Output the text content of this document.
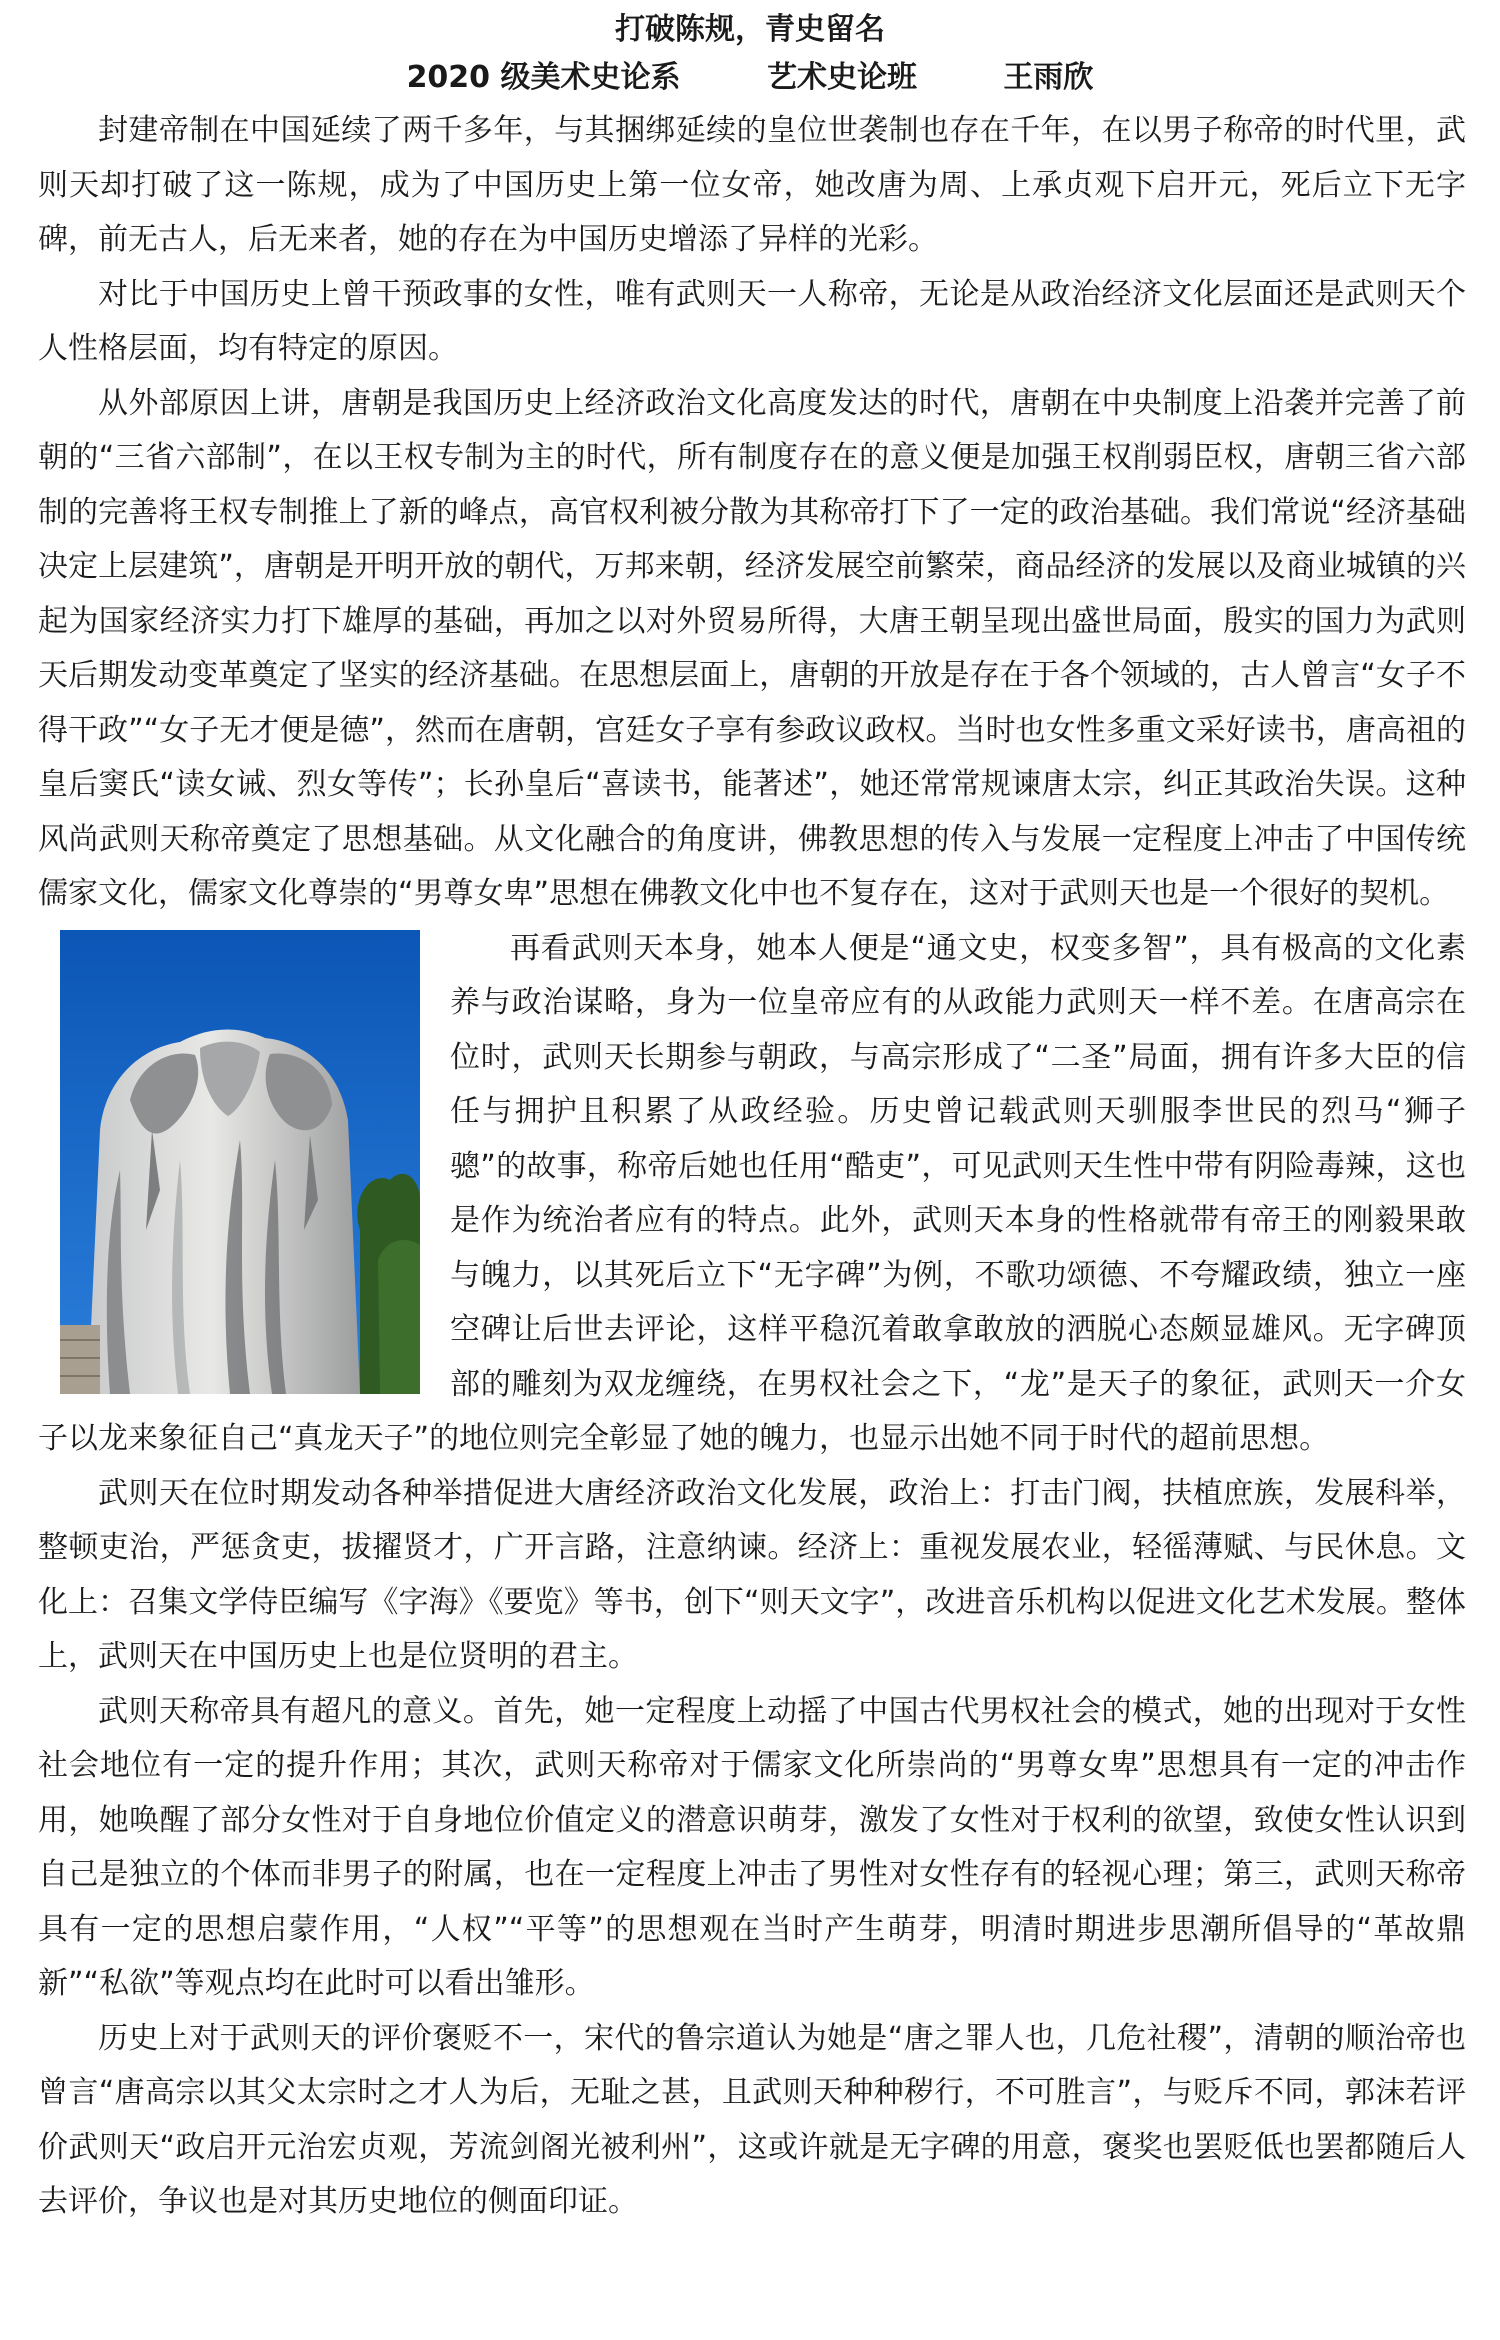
打破陈规，青史留名
2020 级美术史论系	艺术史论班	王雨欣

封建帝制在中国延续了两千多年，与其捆绑延续的皇位世袭制也存在千年，在以男子称帝的时代里，武则天却打破了这一陈规，成为了中国历史上第一位女帝，她改唐为周、上承贞观下启开元，死后立下无字碑，前无古人，后无来者，她的存在为中国历史增添了异样的光彩。

对比于中国历史上曾干预政事的女性，唯有武则天一人称帝，无论是从政治经济文化层面还是武则天个人性格层面，均有特定的原因。

从外部原因上讲，唐朝是我国历史上经济政治文化高度发达的时代，唐朝在中央制度上沿袭并完善了前朝的“三省六部制”，在以王权专制为主的时代，所有制度存在的意义便是加强王权削弱臣权，唐朝三省六部制的完善将王权专制推上了新的峰点，高官权利被分散为其称帝打下了一定的政治基础。我们常说“经济基础决定上层建筑”，唐朝是开明开放的朝代，万邦来朝，经济发展空前繁荣，商品经济的发展以及商业城镇的兴起为国家经济实力打下雄厚的基础，再加之以对外贸易所得，大唐王朝呈现出盛世局面，殷实的国力为武则天后期发动变革奠定了坚实的经济基础。在思想层面上，唐朝的开放是存在于各个领域的，古人曾言“女子不得干政”“女子无才便是德”，然而在唐朝，宫廷女子享有参政议政权。当时也女性多重文采好读书，唐高祖的皇后窦氏“读女诫、烈女等传”；长孙皇后“喜读书，能著述”，她还常常规谏唐太宗，纠正其政治失误。这种风尚武则天称帝奠定了思想基础。从文化融合的角度讲，佛教思想的传入与发展一定程度上冲击了中国传统儒家文化，儒家文化尊崇的“男尊女卑”思想在佛教文化中也不复存在，这对于武则天也是一个很好的契机。

再看武则天本身，她本人便是“通文史，权变多智”，具有极高的文化素养与政治谋略，身为一位皇帝应有的从政能力武则天一样不差。在唐高宗在位时，武则天长期参与朝政，与高宗形成了“二圣”局面，拥有许多大臣的信任与拥护且积累了从政经验。历史曾记载武则天驯服李世民的烈马“狮子骢”的故事，称帝后她也任用“酷吏”，可见武则天生性中带有阴险毒辣，这也是作为统治者应有的特点。此外，武则天本身的性格就带有帝王的刚毅果敢与魄力，以其死后立下“无字碑”为例，不歌功颂德、不夸耀政绩，独立一座空碑让后世去评论，这样平稳沉着敢拿敢放的洒脱心态颇显雄风。无字碑顶部的雕刻为双龙缠绕，在男权社会之下，“龙”是天子的象征，武则天一介女子以龙来象征自己“真龙天子”的地位则完全彰显了她的魄力，也显示出她不同于时代的超前思想。

武则天在位时期发动各种举措促进大唐经济政治文化发展，政治上：打击门阀，扶植庶族，发展科举，整顿吏治，严惩贪吏，拔擢贤才，广开言路，注意纳谏。经济上：重视发展农业，轻徭薄赋、与民休息。文化上：召集文学侍臣编写《字海》《要览》等书，创下“则天文字”，改进音乐机构以促进文化艺术发展。整体上，武则天在中国历史上也是位贤明的君主。

武则天称帝具有超凡的意义。首先，她一定程度上动摇了中国古代男权社会的模式，她的出现对于女性社会地位有一定的提升作用；其次，武则天称帝对于儒家文化所崇尚的“男尊女卑”思想具有一定的冲击作用，她唤醒了部分女性对于自身地位价值定义的潜意识萌芽，激发了女性对于权利的欲望，致使女性认识到自己是独立的个体而非男子的附属，也在一定程度上冲击了男性对女性存有的轻视心理；第三，武则天称帝具有一定的思想启蒙作用，“人权”“平等”的思想观在当时产生萌芽，明清时期进步思潮所倡导的“革故鼎新”“私欲”等观点均在此时可以看出雏形。

历史上对于武则天的评价褒贬不一，宋代的鲁宗道认为她是“唐之罪人也，几危社稷”，清朝的顺治帝也曾言“唐高宗以其父太宗时之才人为后，无耻之甚，且武则天种种秽行，不可胜言”，与贬斥不同，郭沫若评价武则天“政启开元治宏贞观，芳流剑阁光被利州”，这或许就是无字碑的用意，褒奖也罢贬低也罢都随后人去评价，争议也是对其历史地位的侧面印证。
